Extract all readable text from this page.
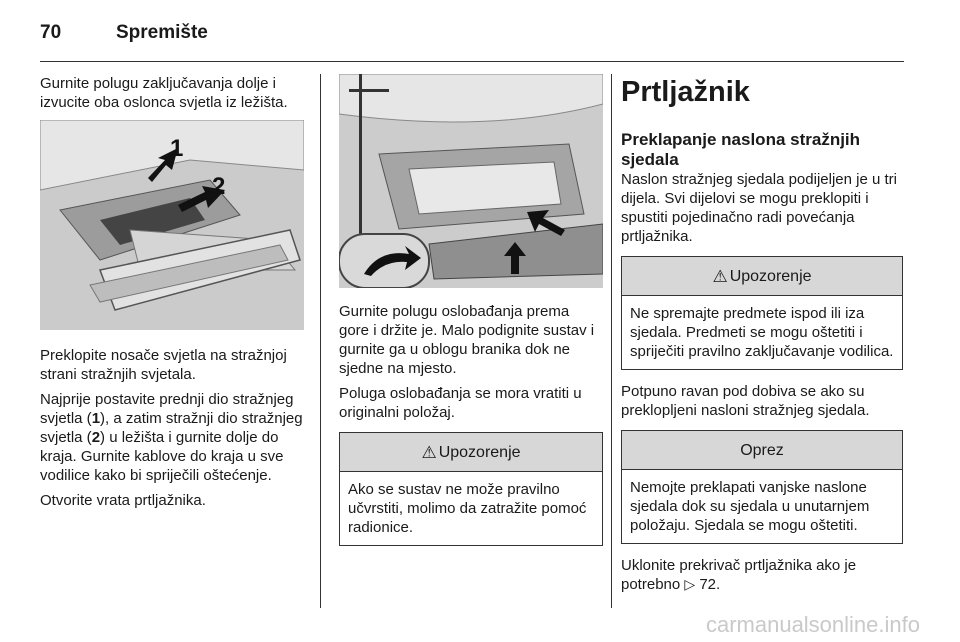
70	Spremište

Gurnite polugu zaključavanja dolje i izvucite oba oslonca svjetla iz ležišta.

1
2

Preklopite nosače svjetla na stražnjoj strani stražnjih svjetala.

Najprije postavite prednji dio stražnjeg svjetla (1), a zatim stražnji dio stražnjeg svjetla (2) u ležišta i gurnite dolje do kraja. Gurnite kablove do kraja u sve vodilice kako bi spriječili oštećenje.

Otvorite vrata prtljažnika.

Gurnite polugu oslobađanja prema gore i držite je. Malo podignite sustav i gurnite ga u oblogu branika dok ne sjedne na mjesto.

Poluga oslobađanja se mora vratiti u originalni položaj.

⚠ Upozorenje
Ako se sustav ne može pravilno učvrstiti, molimo da zatražite pomoć radionice.
Prtljažnik
Preklapanje naslona stražnjih sjedala

Naslon stražnjeg sjedala podijeljen je u tri dijela. Svi dijelovi se mogu preklopiti i spustiti pojedinačno radi povećanja prtljažnika.

⚠ Upozorenje
Ne spremajte predmete ispod ili iza sjedala. Predmeti se mogu oštetiti i spriječiti pravilno zaključavanje vodilica.

Potpuno ravan pod dobiva se ako su preklopljeni nasloni stražnjeg sjedala.

Oprez
Nemojte preklapati vanjske naslone sjedala dok su sjedala u unutarnjem položaju. Sjedala se mogu oštetiti.

Uklonite prekrivač prtljažnika ako je potrebno ▷ 72.

carmanualsonline.info
